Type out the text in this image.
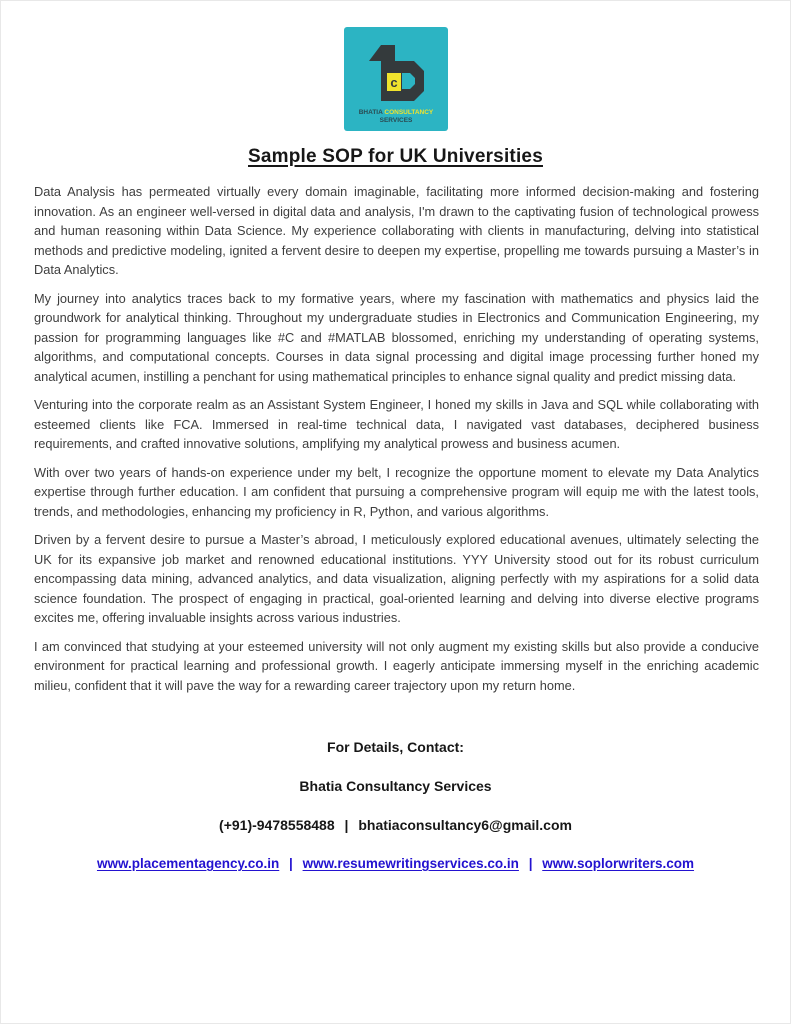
c
BHATIA CONSULTANCY
SERVICES
Sample SOP for UK Universities

Data Analysis has permeated virtually every domain imaginable, facilitating more informed decision-making and fostering innovation. As an engineer well-versed in digital data and analysis, I'm drawn to the captivating fusion of technological prowess and human reasoning within Data Science. My experience collaborating with clients in manufacturing, delving into statistical methods and predictive modeling, ignited a fervent desire to deepen my expertise, propelling me towards pursuing a Master’s in Data Analytics.

My journey into analytics traces back to my formative years, where my fascination with mathematics and physics laid the groundwork for analytical thinking. Throughout my undergraduate studies in Electronics and Communication Engineering, my passion for programming languages like #C and #MATLAB blossomed, enriching my understanding of operating systems, algorithms, and computational concepts. Courses in data signal processing and digital image processing further honed my analytical acumen, instilling a penchant for using mathematical principles to enhance signal quality and predict missing data.

Venturing into the corporate realm as an Assistant System Engineer, I honed my skills in Java and SQL while collaborating with esteemed clients like FCA. Immersed in real-time technical data, I navigated vast databases, deciphered business requirements, and crafted innovative solutions, amplifying my analytical prowess and business acumen.

With over two years of hands-on experience under my belt, I recognize the opportune moment to elevate my Data Analytics expertise through further education. I am confident that pursuing a comprehensive program will equip me with the latest tools, trends, and methodologies, enhancing my proficiency in R, Python, and various algorithms.

Driven by a fervent desire to pursue a Master’s abroad, I meticulously explored educational avenues, ultimately selecting the UK for its expansive job market and renowned educational institutions. YYY University stood out for its robust curriculum encompassing data mining, advanced analytics, and data visualization, aligning perfectly with my aspirations for a solid data science foundation. The prospect of engaging in practical, goal-oriented learning and delving into diverse elective programs excites me, offering invaluable insights across various industries.

I am convinced that studying at your esteemed university will not only augment my existing skills but also provide a conducive environment for practical learning and professional growth. I eagerly anticipate immersing myself in the enriching academic milieu, confident that it will pave the way for a rewarding career trajectory upon my return home.

For Details, Contact:
Bhatia Consultancy Services
(+91)-9478558488 | bhatiaconsultancy6@gmail.com
www.placementagency.co.in | www.resumewritingservices.co.in | www.soplorwriters.com
